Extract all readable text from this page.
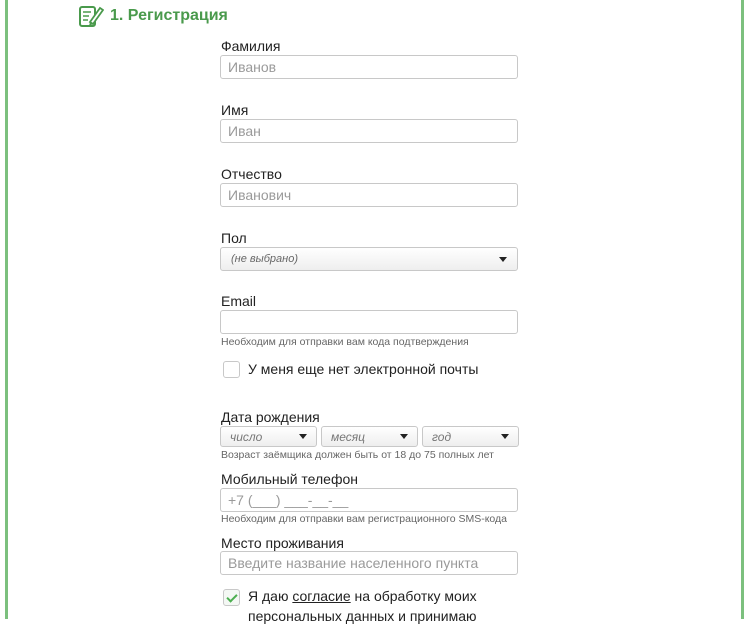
1. Регистрация
Фамилия
Иванов
Имя
Иван
Отчество
Иванович
Пол
(не выбрано)
Email
Необходим для отправки вам кода подтверждения
У меня еще нет электронной почты
Дата рождения
число	месяц	год
Возраст заёмщика должен быть от 18 до 75 полных лет
Мобильный телефон
+7 (___) ___-__-__
Необходим для отправки вам регистрационного SMS-кода
Место проживания
Введите название населенного пункта
Я даю согласие на обработку моих персональных данных и принимаю
